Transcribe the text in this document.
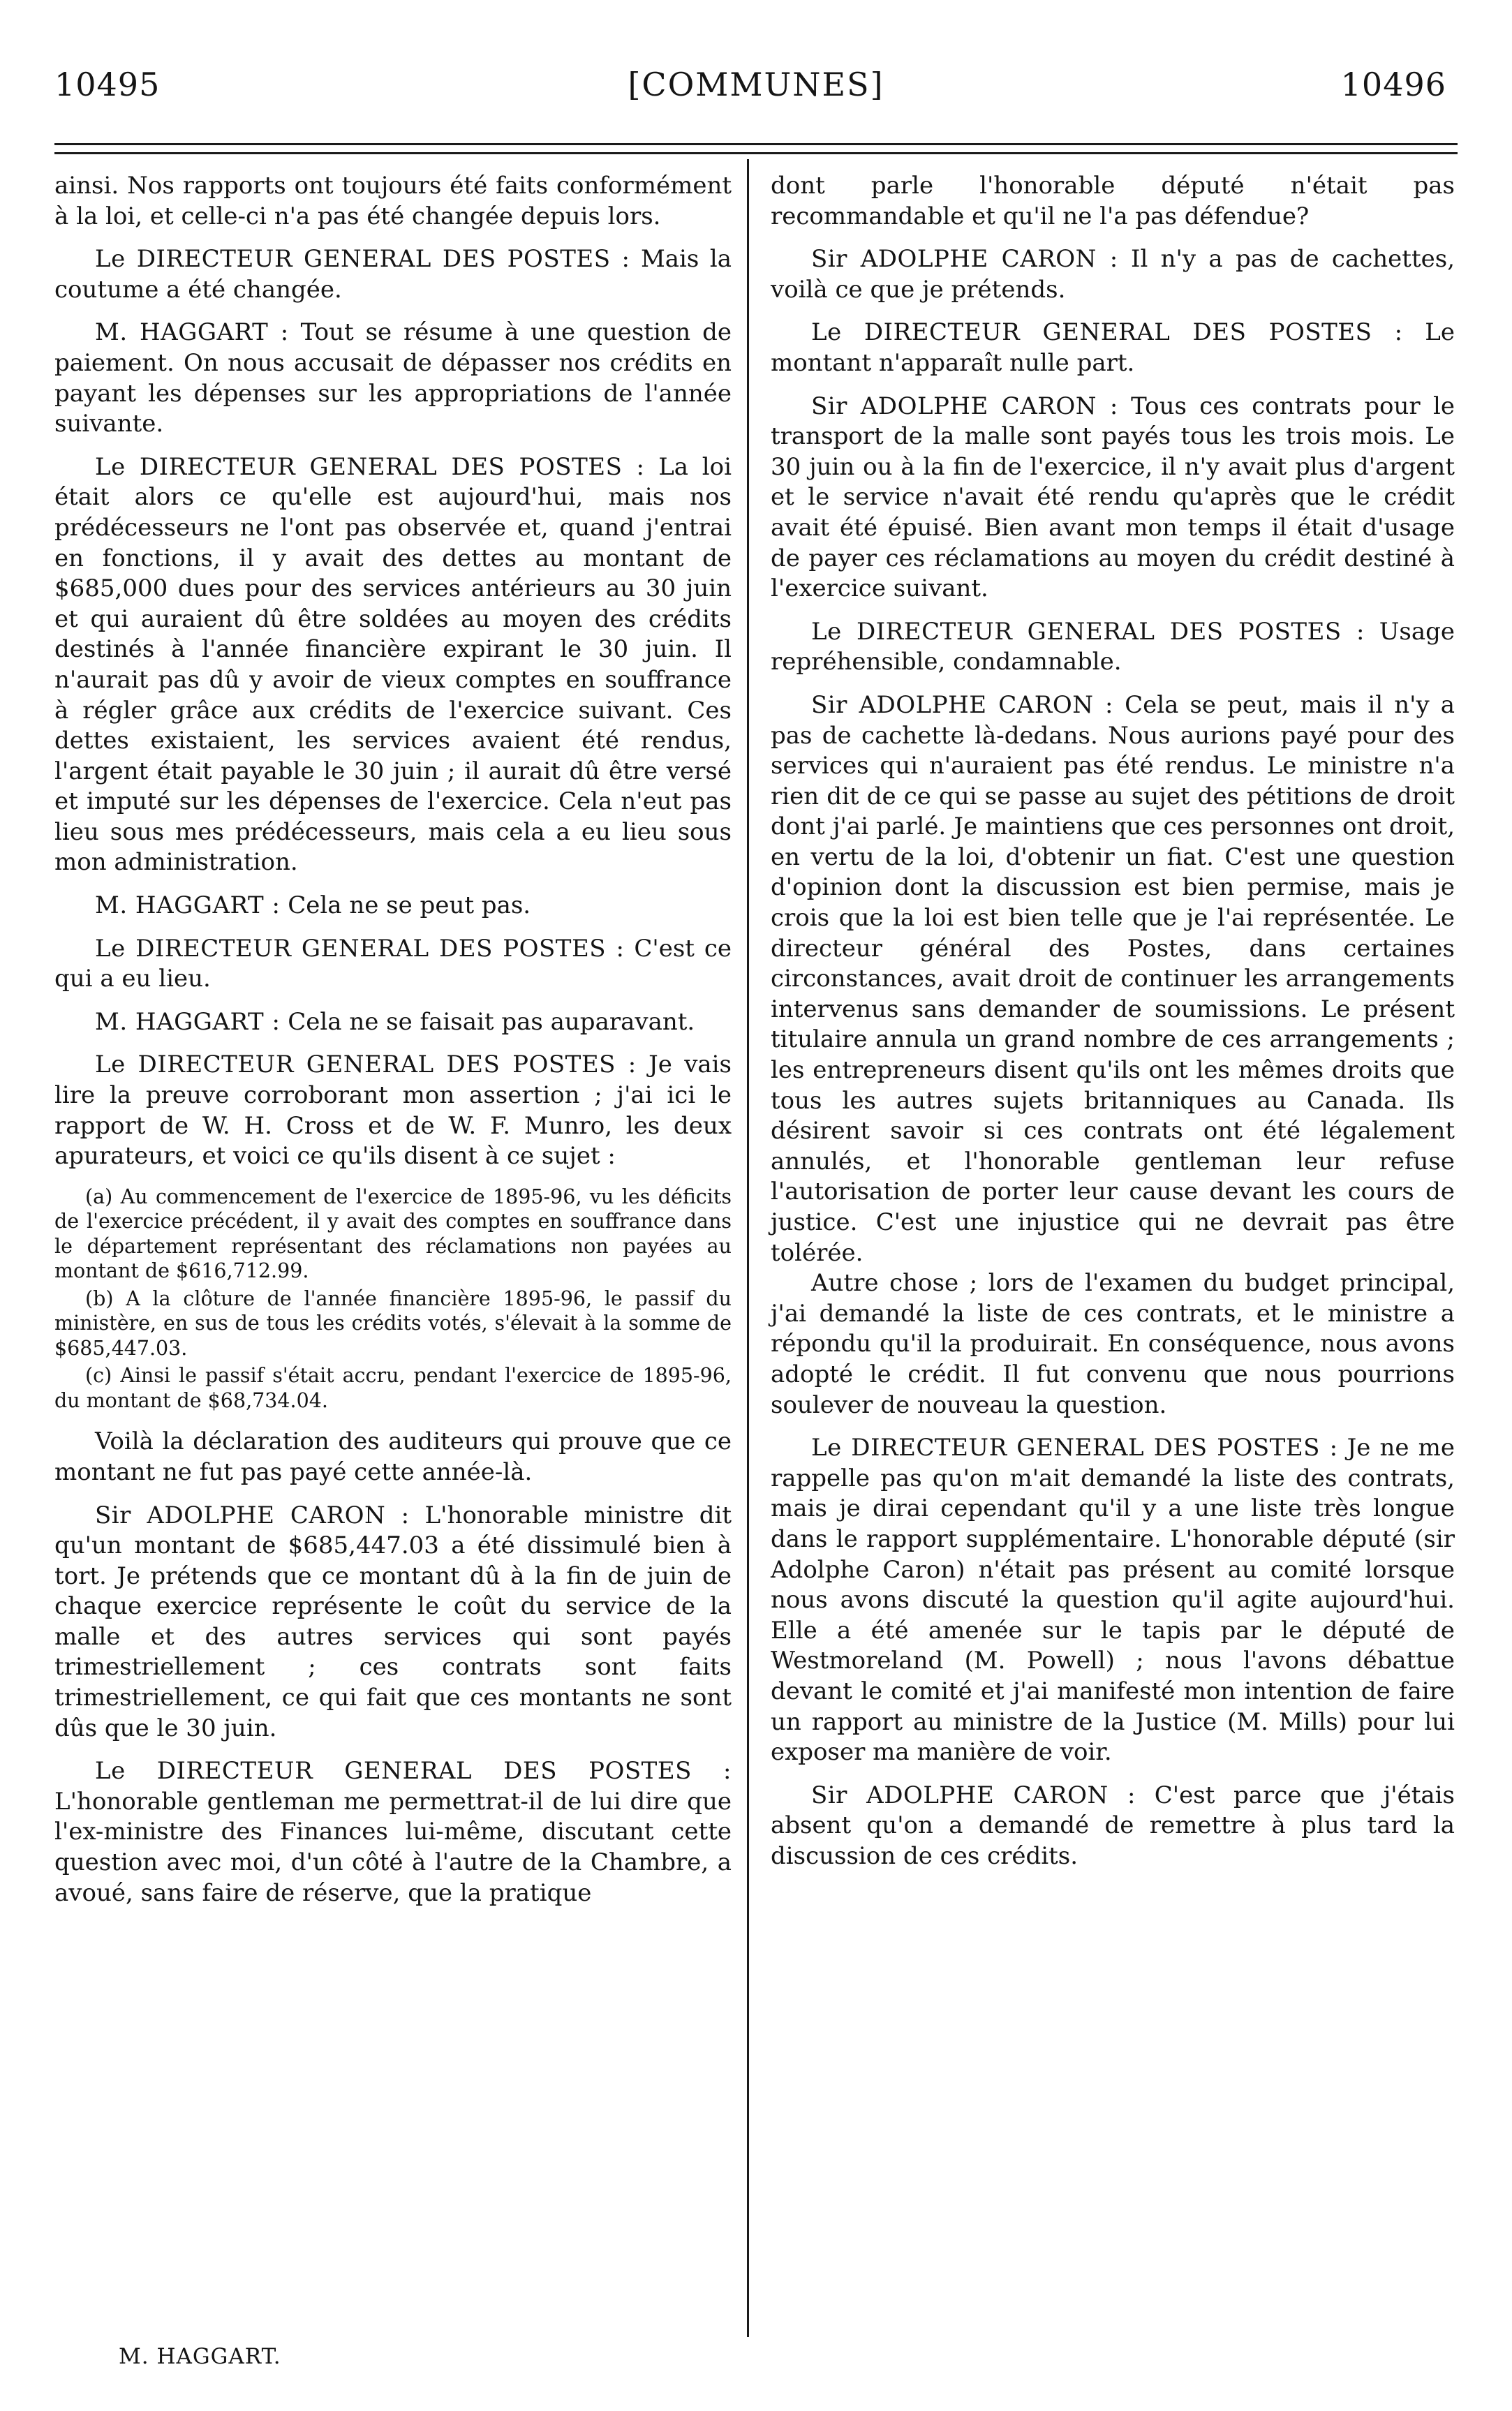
10495	[COMMUNES]	10496

ainsi. Nos rapports ont toujours été faits conformément à la loi, et celle-ci n'a pas été changée depuis lors.

Le DIRECTEUR GENERAL DES POSTES : Mais la coutume a été changée.

M. HAGGART : Tout se résume à une question de paiement. On nous accusait de dépasser nos crédits en payant les dépenses sur les appropriations de l'année suivante.

Le DIRECTEUR GENERAL DES POSTES : La loi était alors ce qu'elle est aujourd'hui, mais nos prédécesseurs ne l'ont pas observée et, quand j'entrai en fonctions, il y avait des dettes au montant de $685,000 dues pour des services antérieurs au 30 juin et qui auraient dû être soldées au moyen des crédits destinés à l'année financière expirant le 30 juin. Il n'aurait pas dû y avoir de vieux comptes en souffrance à régler grâce aux crédits de l'exercice suivant. Ces dettes existaient, les services avaient été rendus, l'argent était payable le 30 juin ; il aurait dû être versé et imputé sur les dépenses de l'exercice. Cela n'eut pas lieu sous mes prédécesseurs, mais cela a eu lieu sous mon administration.

M. HAGGART : Cela ne se peut pas.

Le DIRECTEUR GENERAL DES POSTES : C'est ce qui a eu lieu.

M. HAGGART : Cela ne se faisait pas auparavant.

Le DIRECTEUR GENERAL DES POSTES : Je vais lire la preuve corroborant mon assertion ; j'ai ici le rapport de W. H. Cross et de W. F. Munro, les deux apurateurs, et voici ce qu'ils disent à ce sujet :

(a) Au commencement de l'exercice de 1895-96, vu les déficits de l'exercice précédent, il y avait des comptes en souffrance dans le département représentant des réclamations non payées au montant de $616,712.99.

(b) A la clôture de l'année financière 1895-96, le passif du ministère, en sus de tous les crédits votés, s'élevait à la somme de $685,447.03.

(c) Ainsi le passif s'était accru, pendant l'exercice de 1895-96, du montant de $68,734.04.

Voilà la déclaration des auditeurs qui prouve que ce montant ne fut pas payé cette année-là.

Sir ADOLPHE CARON : L'honorable ministre dit qu'un montant de $685,447.03 a été dissimulé bien à tort. Je prétends que ce montant dû à la fin de juin de chaque exercice représente le coût du service de la malle et des autres services qui sont payés trimestriellement ; ces contrats sont faits trimestriellement, ce qui fait que ces montants ne sont dûs que le 30 juin.

Le DIRECTEUR GENERAL DES POSTES : L'honorable gentleman me permettrat-il de lui dire que l'ex-ministre des Finances lui-même, discutant cette question avec moi, d'un côté à l'autre de la Chambre, a avoué, sans faire de réserve, que la pratique

dont parle l'honorable député n'était pas recommandable et qu'il ne l'a pas défendue?

Sir ADOLPHE CARON : Il n'y a pas de cachettes, voilà ce que je prétends.

Le DIRECTEUR GENERAL DES POSTES : Le montant n'apparaît nulle part.

Sir ADOLPHE CARON : Tous ces contrats pour le transport de la malle sont payés tous les trois mois. Le 30 juin ou à la fin de l'exercice, il n'y avait plus d'argent et le service n'avait été rendu qu'après que le crédit avait été épuisé. Bien avant mon temps il était d'usage de payer ces réclamations au moyen du crédit destiné à l'exercice suivant.

Le DIRECTEUR GENERAL DES POSTES : Usage repréhensible, condamnable.

Sir ADOLPHE CARON : Cela se peut, mais il n'y a pas de cachette là-dedans. Nous aurions payé pour des services qui n'auraient pas été rendus. Le ministre n'a rien dit de ce qui se passe au sujet des pétitions de droit dont j'ai parlé. Je maintiens que ces personnes ont droit, en vertu de la loi, d'obtenir un fiat. C'est une question d'opinion dont la discussion est bien permise, mais je crois que la loi est bien telle que je l'ai représentée. Le directeur général des Postes, dans certaines circonstances, avait droit de continuer les arrangements intervenus sans demander de soumissions. Le présent titulaire annula un grand nombre de ces arrangements ; les entrepreneurs disent qu'ils ont les mêmes droits que tous les autres sujets britanniques au Canada. Ils désirent savoir si ces contrats ont été légalement annulés, et l'honorable gentleman leur refuse l'autorisation de porter leur cause devant les cours de justice. C'est une injustice qui ne devrait pas être tolérée.

Autre chose ; lors de l'examen du budget principal, j'ai demandé la liste de ces contrats, et le ministre a répondu qu'il la produirait. En conséquence, nous avons adopté le crédit. Il fut convenu que nous pourrions soulever de nouveau la question.

Le DIRECTEUR GENERAL DES POSTES : Je ne me rappelle pas qu'on m'ait demandé la liste des contrats, mais je dirai cependant qu'il y a une liste très longue dans le rapport supplémentaire. L'honorable député (sir Adolphe Caron) n'était pas présent au comité lorsque nous avons discuté la question qu'il agite aujourd'hui. Elle a été amenée sur le tapis par le député de Westmoreland (M. Powell) ; nous l'avons débattue devant le comité et j'ai manifesté mon intention de faire un rapport au ministre de la Justice (M. Mills) pour lui exposer ma manière de voir.

Sir ADOLPHE CARON : C'est parce que j'étais absent qu'on a demandé de remettre à plus tard la discussion de ces crédits.

M. HAGGART.
